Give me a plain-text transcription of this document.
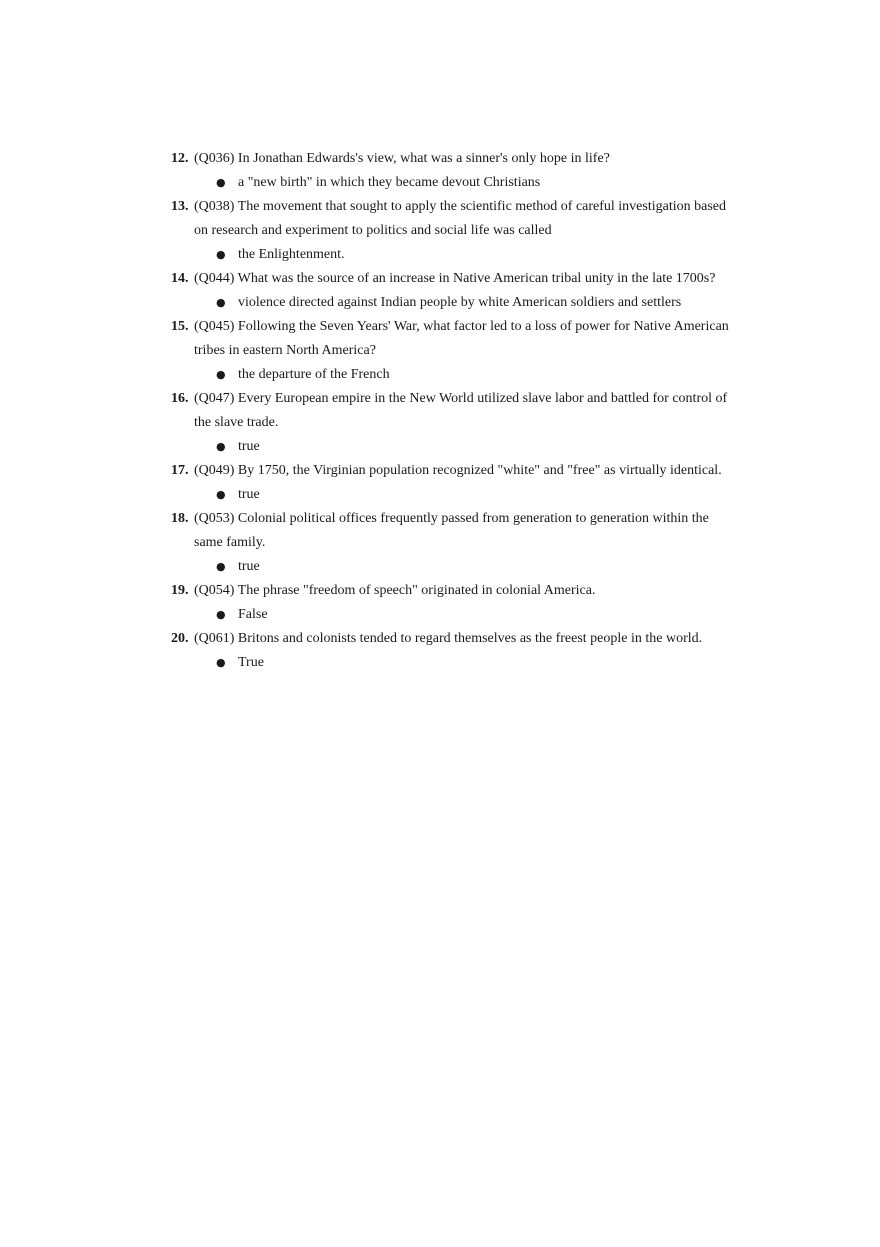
12. (Q036) In Jonathan Edwards's view, what was a sinner's only hope in life?
● a "new birth" in which they became devout Christians
13. (Q038) The movement that sought to apply the scientific method of careful investigation based on research and experiment to politics and social life was called
● the Enlightenment.
14. (Q044) What was the source of an increase in Native American tribal unity in the late 1700s?
● violence directed against Indian people by white American soldiers and settlers
15. (Q045) Following the Seven Years' War, what factor led to a loss of power for Native American tribes in eastern North America?
● the departure of the French
16. (Q047) Every European empire in the New World utilized slave labor and battled for control of the slave trade.
● true
17. (Q049) By 1750, the Virginian population recognized "white" and "free" as virtually identical.
● true
18. (Q053) Colonial political offices frequently passed from generation to generation within the same family.
● true
19. (Q054) The phrase "freedom of speech" originated in colonial America.
● False
20. (Q061) Britons and colonists tended to regard themselves as the freest people in the world.
● True
